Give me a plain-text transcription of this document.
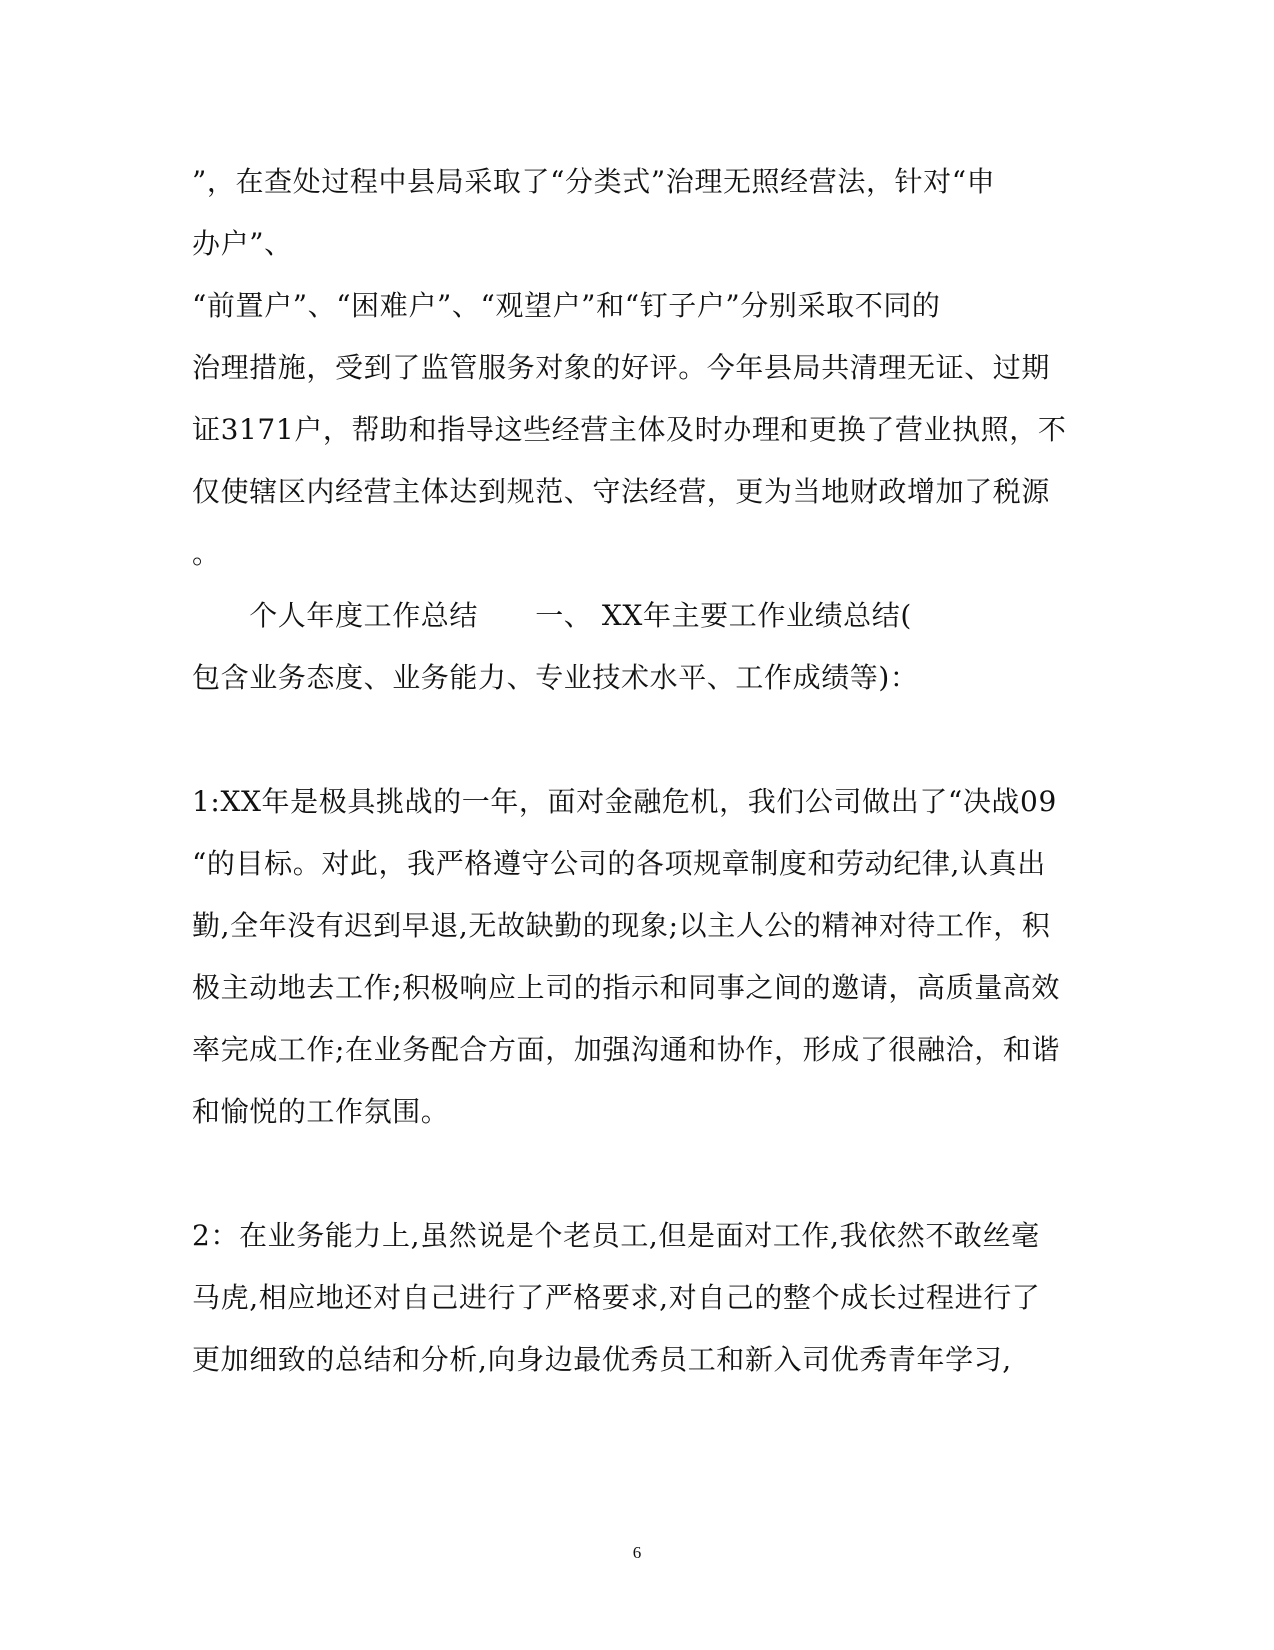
”，在查处过程中县局采取了“分类式”治理无照经营法，针对“申
办户”、
“前置户”、“困难户”、“观望户”和“钉子户”分别采取不同的
治理措施，受到了监管服务对象的好评。今年县局共清理无证、过期
证3171户，帮助和指导这些经营主体及时办理和更换了营业执照，不
仅使辖区内经营主体达到规范、守法经营，更为当地财政增加了税源
。
　　个人年度工作总结　　一、 XX年主要工作业绩总结(
包含业务态度、业务能力、专业技术水平、工作成绩等)：
1:XX年是极具挑战的一年，面对金融危机，我们公司做出了“决战09
“的目标。对此，我严格遵守公司的各项规章制度和劳动纪律,认真出
勤,全年没有迟到早退,无故缺勤的现象;以主人公的精神对待工作，积
极主动地去工作;积极响应上司的指示和同事之间的邀请，高质量高效
率完成工作;在业务配合方面，加强沟通和协作，形成了很融洽，和谐
和愉悦的工作氛围。
2：在业务能力上,虽然说是个老员工,但是面对工作,我依然不敢丝毫
马虎,相应地还对自己进行了严格要求,对自己的整个成长过程进行了
更加细致的总结和分析,向身边最优秀员工和新入司优秀青年学习,
6
